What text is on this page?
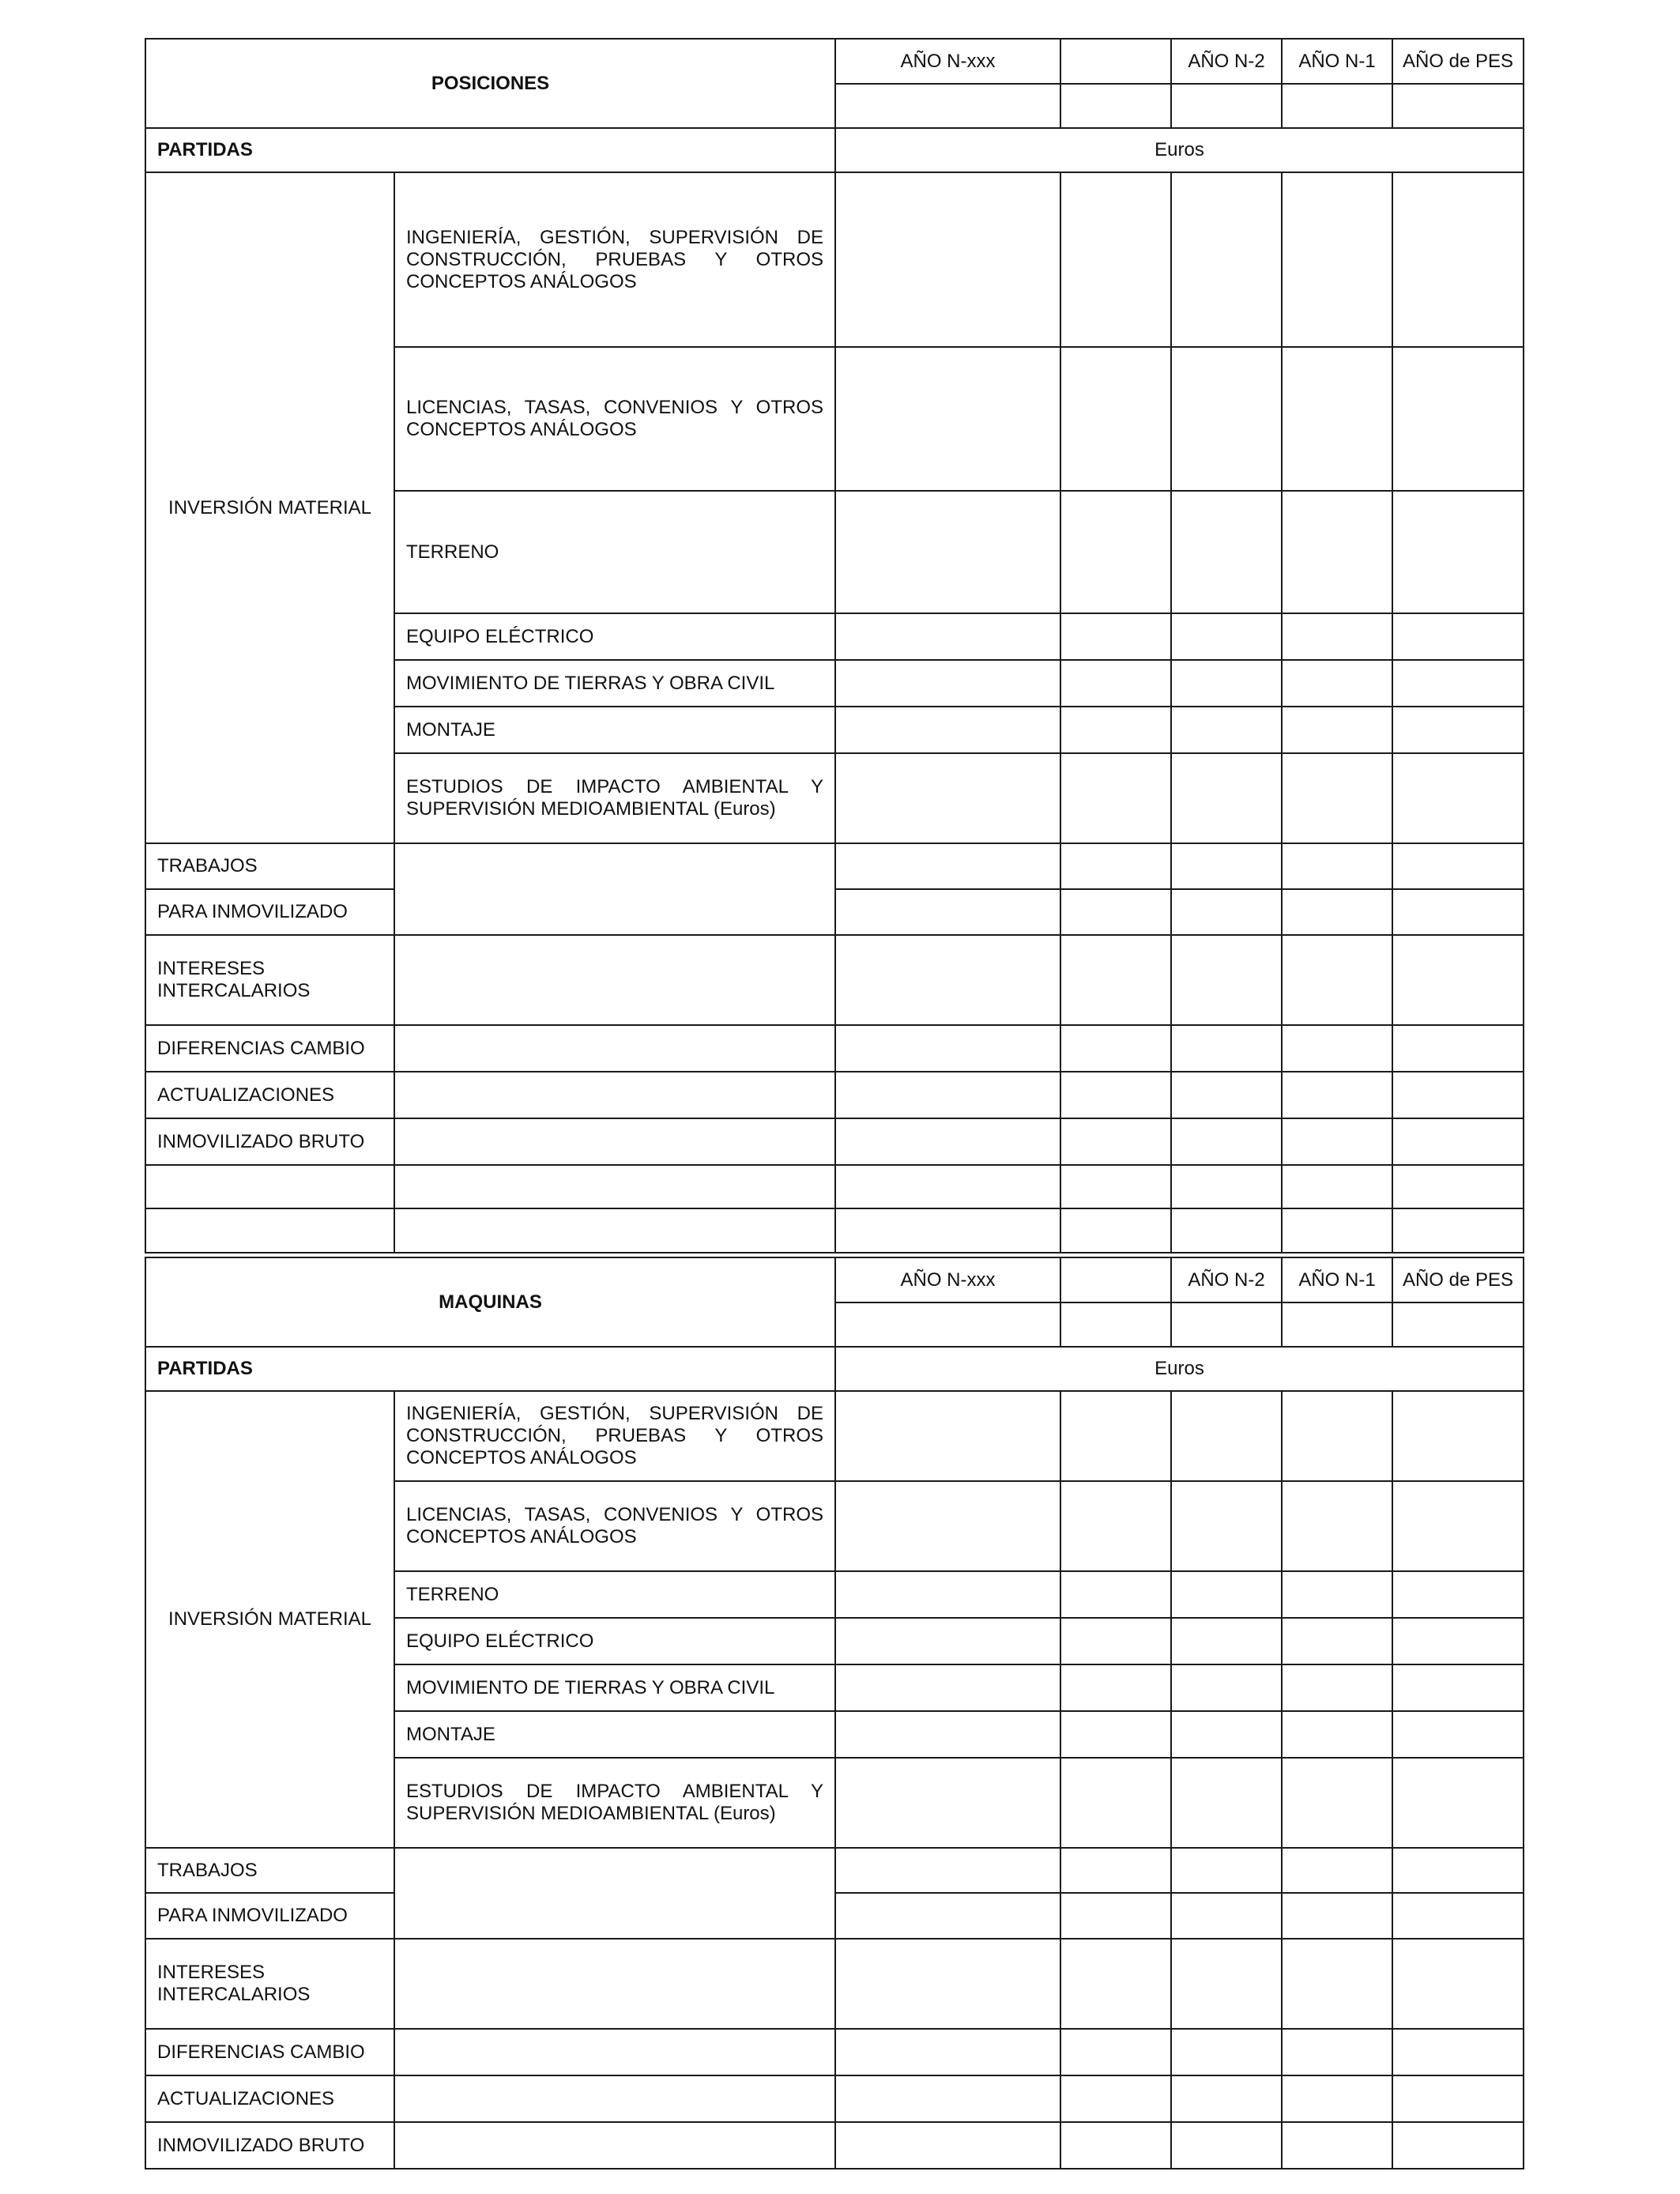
POSICIONES		AÑO N-xxx		AÑO N-2	AÑO N-1	AÑO de PES

PARTIDAS		Euros				
INVERSIÓN MATERIAL	INGENIERÍA, GESTIÓN, SUPERVISIÓN DE CONSTRUCCIÓN, PRUEBAS Y OTROS CONCEPTOS ANÁLOGOS					
	LICENCIAS, TASAS, CONVENIOS Y OTROS CONCEPTOS ANÁLOGOS					
	TERRENO					
	EQUIPO ELÉCTRICO					
	MOVIMIENTO DE TIERRAS Y OBRA CIVIL					
	MONTAJE					
	ESTUDIOS DE IMPACTO AMBIENTAL Y SUPERVISIÓN MEDIOAMBIENTAL (Euros)					
TRABAJOS						
PARA INMOVILIZADO						
INTERESES INTERCALARIOS						
DIFERENCIAS CAMBIO						
ACTUALIZACIONES						
INMOVILIZADO BRUTO						

MAQUINAS		AÑO N-xxx		AÑO N-2	AÑO N-1	AÑO de PES

PARTIDAS		Euros				
INVERSIÓN MATERIAL	INGENIERÍA, GESTIÓN, SUPERVISIÓN DE CONSTRUCCIÓN, PRUEBAS Y OTROS CONCEPTOS ANÁLOGOS					
	LICENCIAS, TASAS, CONVENIOS Y OTROS CONCEPTOS ANÁLOGOS					
	TERRENO					
	EQUIPO ELÉCTRICO					
	MOVIMIENTO DE TIERRAS Y OBRA CIVIL					
	MONTAJE					
	ESTUDIOS DE IMPACTO AMBIENTAL Y SUPERVISIÓN MEDIOAMBIENTAL (Euros)					
TRABAJOS						
PARA INMOVILIZADO						
INTERESES INTERCALARIOS						
DIFERENCIAS CAMBIO						
ACTUALIZACIONES						
INMOVILIZADO BRUTO						
